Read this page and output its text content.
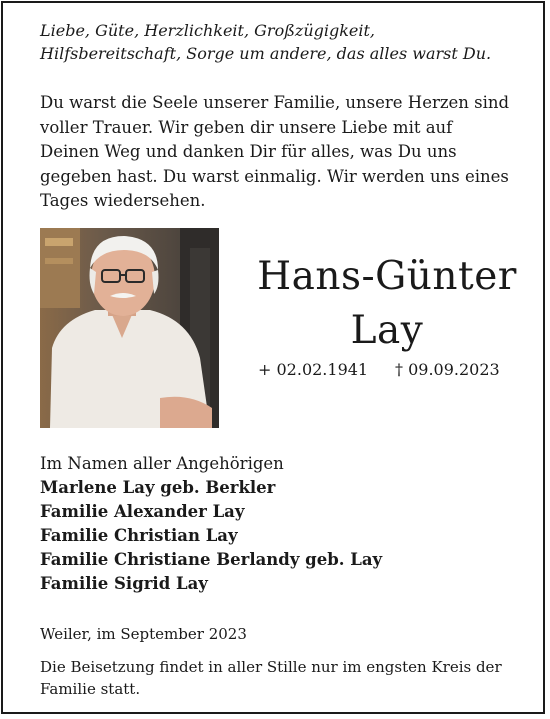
Liebe, Güte, Herzlichkeit, Großzügigkeit,
Hilfsbereitschaft, Sorge um andere, das alles warst Du.
Du warst die Seele unserer Familie, unsere Herzen sind
voller Trauer. Wir geben dir unsere Liebe mit auf
Deinen Weg und danken Dir für alles, was Du uns
gegeben hast. Du warst einmalig. Wir werden uns eines
Tages wiedersehen.
Hans-Günter
Lay
+ 02.02.1941 † 09.09.2023
Im Namen aller Angehörigen
Marlene Lay geb. Berkler
Familie Alexander Lay
Familie Christian Lay
Familie Christiane Berlandy geb. Lay
Familie Sigrid Lay
Weiler, im September 2023
Die Beisetzung findet in aller Stille nur im engsten Kreis der
Familie statt.
